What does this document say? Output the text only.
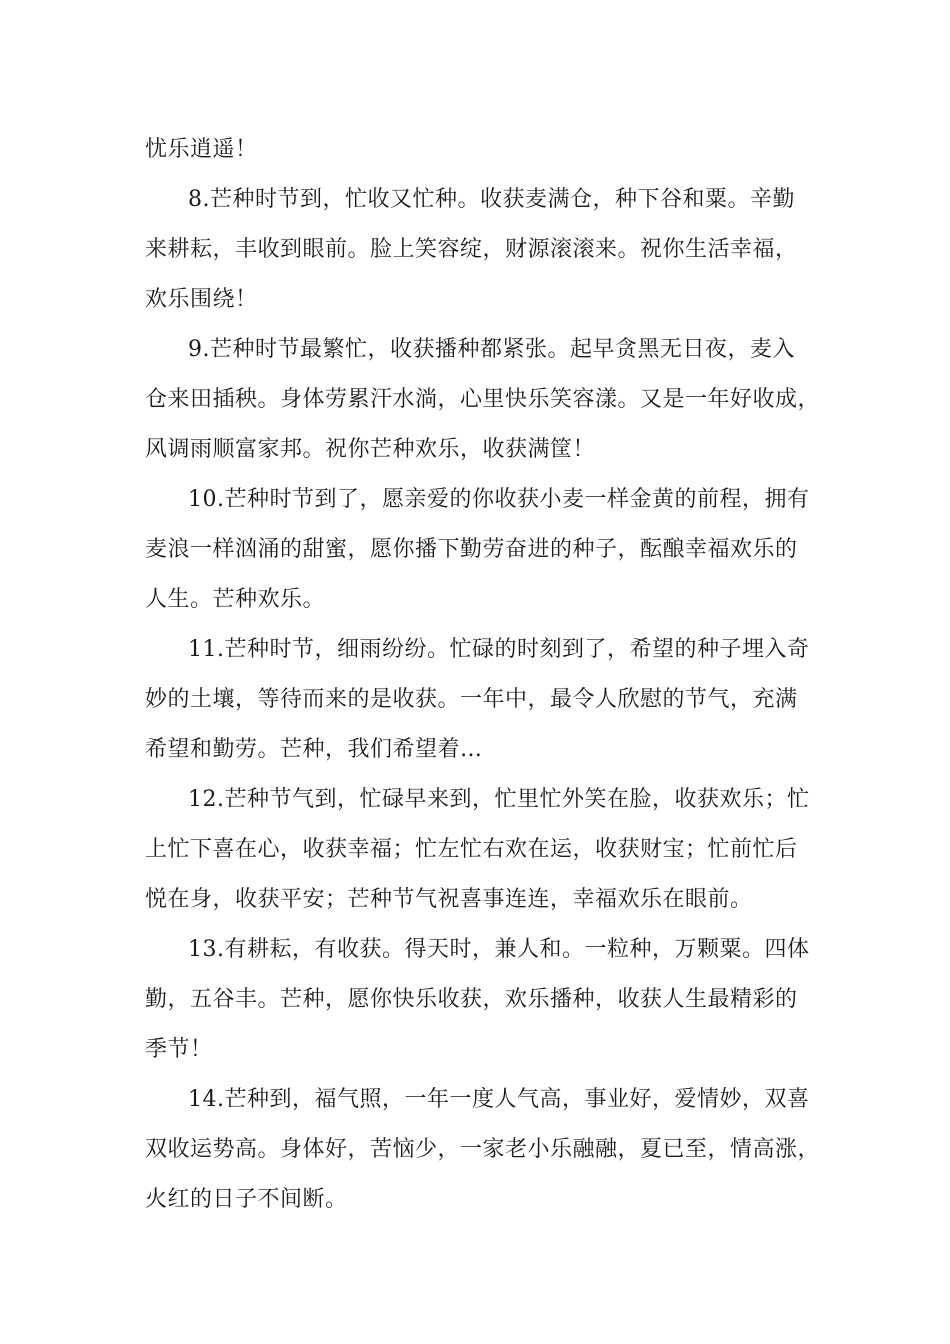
忧乐逍遥！
8.芒种时节到，忙收又忙种。收获麦满仓，种下谷和粟。辛勤
来耕耘，丰收到眼前。脸上笑容绽，财源滚滚来。祝你生活幸福，
欢乐围绕！
9.芒种时节最繁忙，收获播种都紧张。起早贪黑无日夜，麦入
仓来田插秧。身体劳累汗水淌，心里快乐笑容漾。又是一年好收成，
风调雨顺富家邦。祝你芒种欢乐，收获满筐！
10.芒种时节到了，愿亲爱的你收获小麦一样金黄的前程，拥有
麦浪一样汹涌的甜蜜，愿你播下勤劳奋进的种子，酝酿幸福欢乐的
人生。芒种欢乐。
11.芒种时节，细雨纷纷。忙碌的时刻到了，希望的种子埋入奇
妙的土壤，等待而来的是收获。一年中，最令人欣慰的节气，充满
希望和勤劳。芒种，我们希望着…
12.芒种节气到，忙碌早来到，忙里忙外笑在脸，收获欢乐；忙
上忙下喜在心，收获幸福；忙左忙右欢在运，收获财宝；忙前忙后
悦在身，收获平安；芒种节气祝喜事连连，幸福欢乐在眼前。
13.有耕耘，有收获。得天时，兼人和。一粒种，万颗粟。四体
勤，五谷丰。芒种，愿你快乐收获，欢乐播种，收获人生最精彩的
季节！
14.芒种到，福气照，一年一度人气高，事业好，爱情妙，双喜
双收运势高。身体好，苦恼少，一家老小乐融融，夏已至，情高涨，
火红的日子不间断。
